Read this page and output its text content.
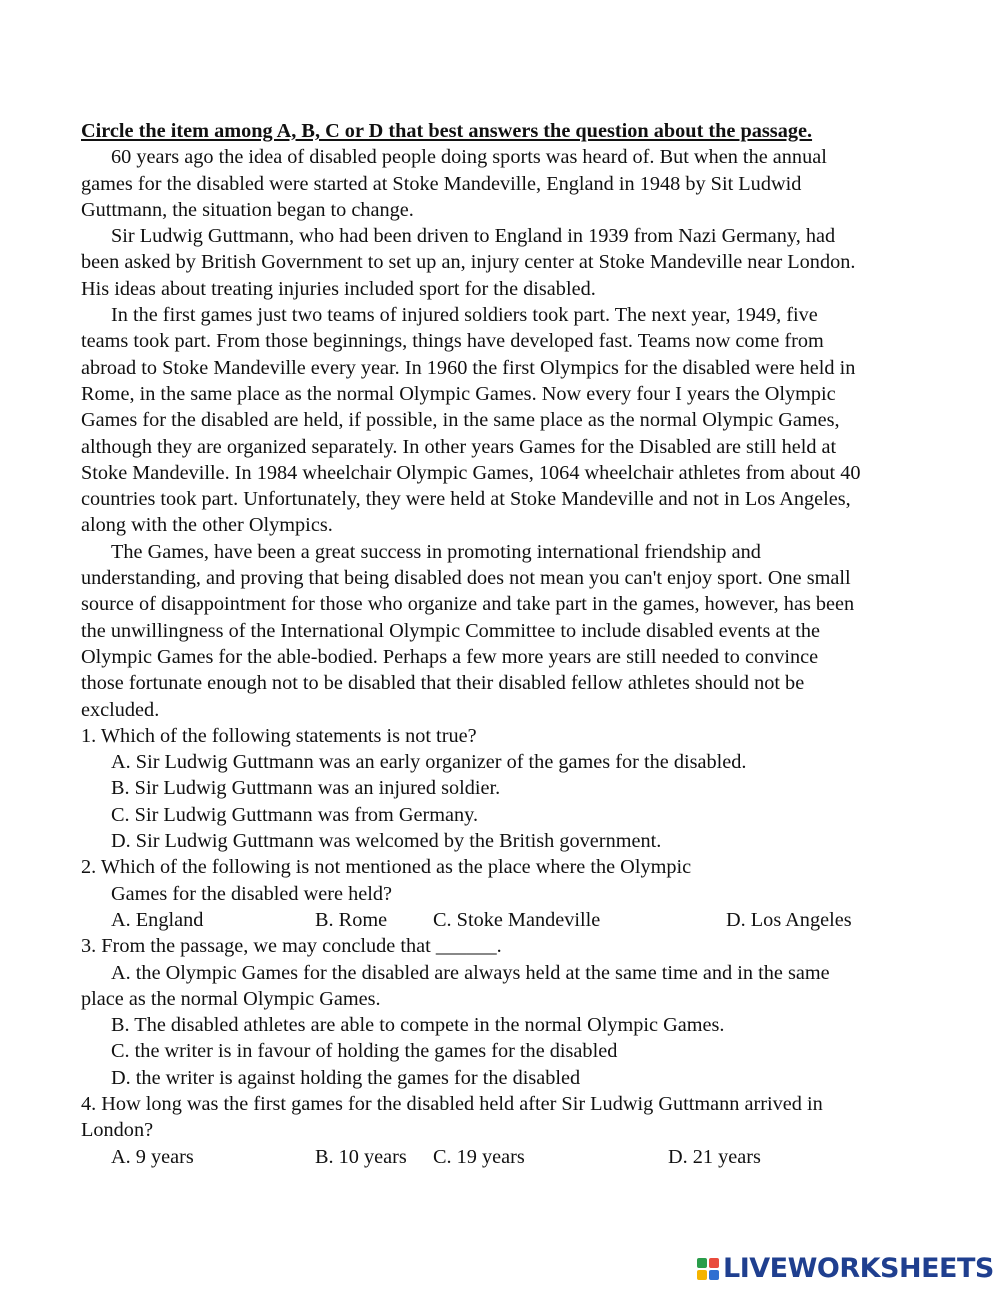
Circle the item among A, B, C or D that best answers the question about the passage.
60 years ago the idea of disabled people doing sports was heard of. But when the annual
games for the disabled were started at Stoke Mandeville, England in 1948 by Sit Ludwid
Guttmann, the situation began to change.
Sir Ludwig Guttmann, who had been driven to England in 1939 from Nazi Germany, had
been asked by British Government to set up an, injury center at Stoke Mandeville near London.
His ideas about treating injuries included sport for the disabled.
In the first games just two teams of injured soldiers took part. The next year, 1949, five
teams took part. From those beginnings, things have developed fast. Teams now come from
abroad to Stoke Mandeville every year. In 1960 the first Olympics for the disabled were held in
Rome, in the same place as the normal Olympic Games. Now every four I years the Olympic
Games for the disabled are held, if possible, in the same place as the normal Olympic Games,
although they are organized separately. In other years Games for the Disabled are still held at
Stoke Mandeville. In 1984 wheelchair Olympic Games, 1064 wheelchair athletes from about 40
countries took part. Unfortunately, they were held at Stoke Mandeville and not in Los Angeles,
along with the other Olympics.
The Games, have been a great success in promoting international friendship and
understanding, and proving that being disabled does not mean you can't enjoy sport. One small
source of disappointment for those who organize and take part in the games, however, has been
the unwillingness of the International Olympic Committee to include disabled events at the
Olympic Games for the able-bodied. Perhaps a few more years are still needed to convince
those fortunate enough not to be disabled that their disabled fellow athletes should not be
excluded.
1. Which of the following statements is not true?
A. Sir Ludwig Guttmann was an early organizer of the games for the disabled.
B. Sir Ludwig Guttmann was an injured soldier.
C. Sir Ludwig Guttmann was from Germany.
D. Sir Ludwig Guttmann was welcomed by the British government.
2. Which of the following is not mentioned as the place where the Olympic
Games for the disabled were held?
A. England	B. Rome C. Stoke Mandeville	D. Los Angeles
3. From the passage, we may conclude that ______.
A. the Olympic Games for the disabled are always held at the same time and in the same
place as the normal Olympic Games.
B. The disabled athletes are able to compete in the normal Olympic Games.
C. the writer is in favour of holding the games for the disabled
D. the writer is against holding the games for the disabled
4. How long was the first games for the disabled held after Sir Ludwig Guttmann arrived in
London?
A. 9 years	B. 10 years C. 19 years	D. 21 years
LIVEWORKSHEETS
